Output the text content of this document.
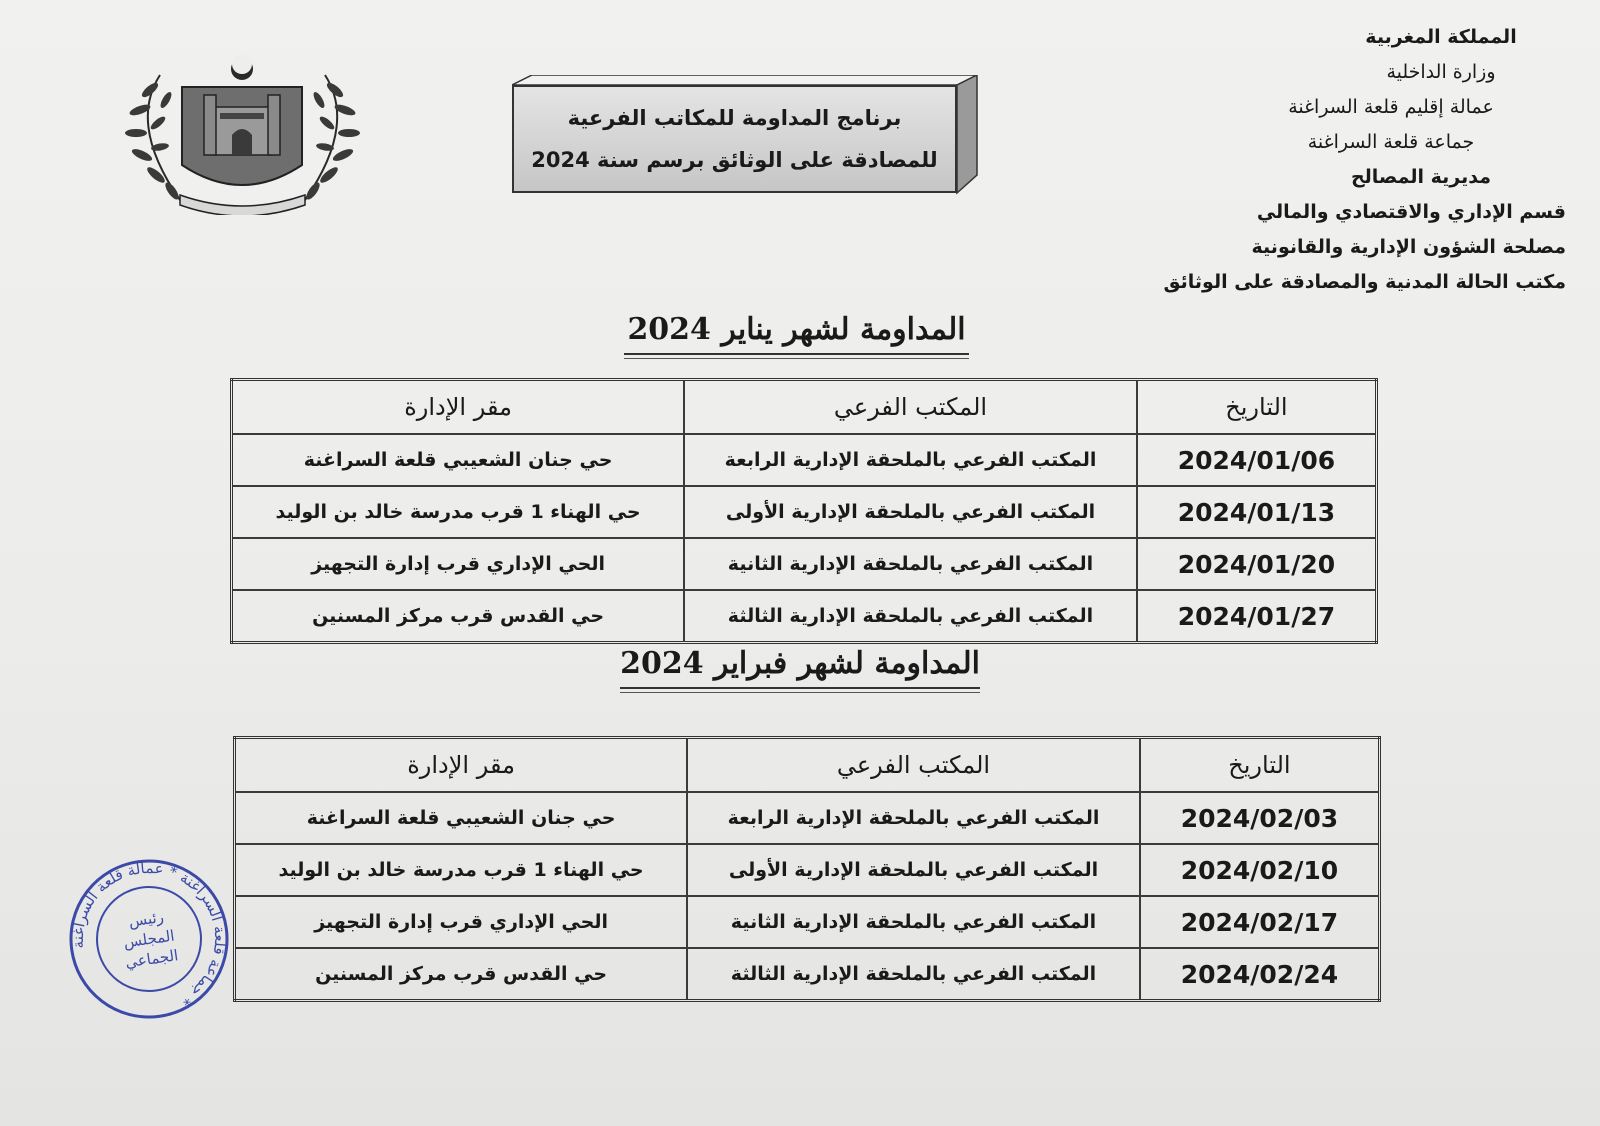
المملكة المغربية

وزارة الداخلية

عمالة إقليم قلعة السراغنة

جماعة قلعة السراغنة

مديرية المصالح

قسم الإداري والاقتصادي والمالي

مصلحة الشؤون الإدارية والقانونية

مكتب الحالة المدنية والمصادقة على الوثائق

برنامج المداومة للمكاتب الفرعية
للمصادقة على الوثائق برسم سنة 2024
المداومة لشهر يناير 2024
التاريخ	المكتب الفرعي	مقر الإدارة
2024/01/06	المكتب الفرعي بالملحقة الإدارية الرابعة	حي جنان الشعيبي قلعة السراغنة
2024/01/13	المكتب الفرعي بالملحقة الإدارية الأولى	حي الهناء 1 قرب مدرسة خالد بن الوليد
2024/01/20	المكتب الفرعي بالملحقة الإدارية الثانية	الحي الإداري قرب إدارة التجهيز
2024/01/27	المكتب الفرعي بالملحقة الإدارية الثالثة	حي القدس قرب مركز المسنين
المداومة لشهر فبراير 2024
التاريخ	المكتب الفرعي	مقر الإدارة
2024/02/03	المكتب الفرعي بالملحقة الإدارية الرابعة	حي جنان الشعيبي قلعة السراغنة
2024/02/10	المكتب الفرعي بالملحقة الإدارية الأولى	حي الهناء 1 قرب مدرسة خالد بن الوليد
2024/02/17	المكتب الفرعي بالملحقة الإدارية الثانية	الحي الإداري قرب إدارة التجهيز
2024/02/24	المكتب الفرعي بالملحقة الإدارية الثالثة	حي القدس قرب مركز المسنين
جماعة قلعة السراغنة * عمالة قلعة السراغنة *
رئيس
المجلس
الجماعي
